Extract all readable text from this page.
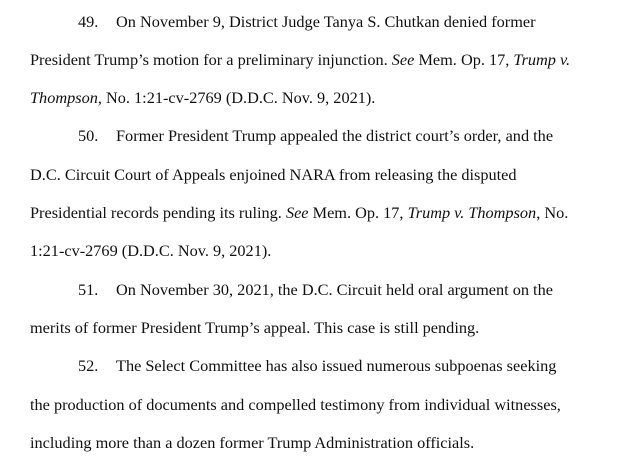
49. On November 9, District Judge Tanya S. Chutkan denied former
President Trump’s motion for a preliminary injunction. See Mem. Op. 17, Trump v.
Thompson, No. 1:21-cv-2769 (D.D.C. Nov. 9, 2021).
50. Former President Trump appealed the district court’s order, and the
D.C. Circuit Court of Appeals enjoined NARA from releasing the disputed
Presidential records pending its ruling. See Mem. Op. 17, Trump v. Thompson, No.
1:21-cv-2769 (D.D.C. Nov. 9, 2021).
51. On November 30, 2021, the D.C. Circuit held oral argument on the
merits of former President Trump’s appeal. This case is still pending.
52. The Select Committee has also issued numerous subpoenas seeking
the production of documents and compelled testimony from individual witnesses,
including more than a dozen former Trump Administration officials.
